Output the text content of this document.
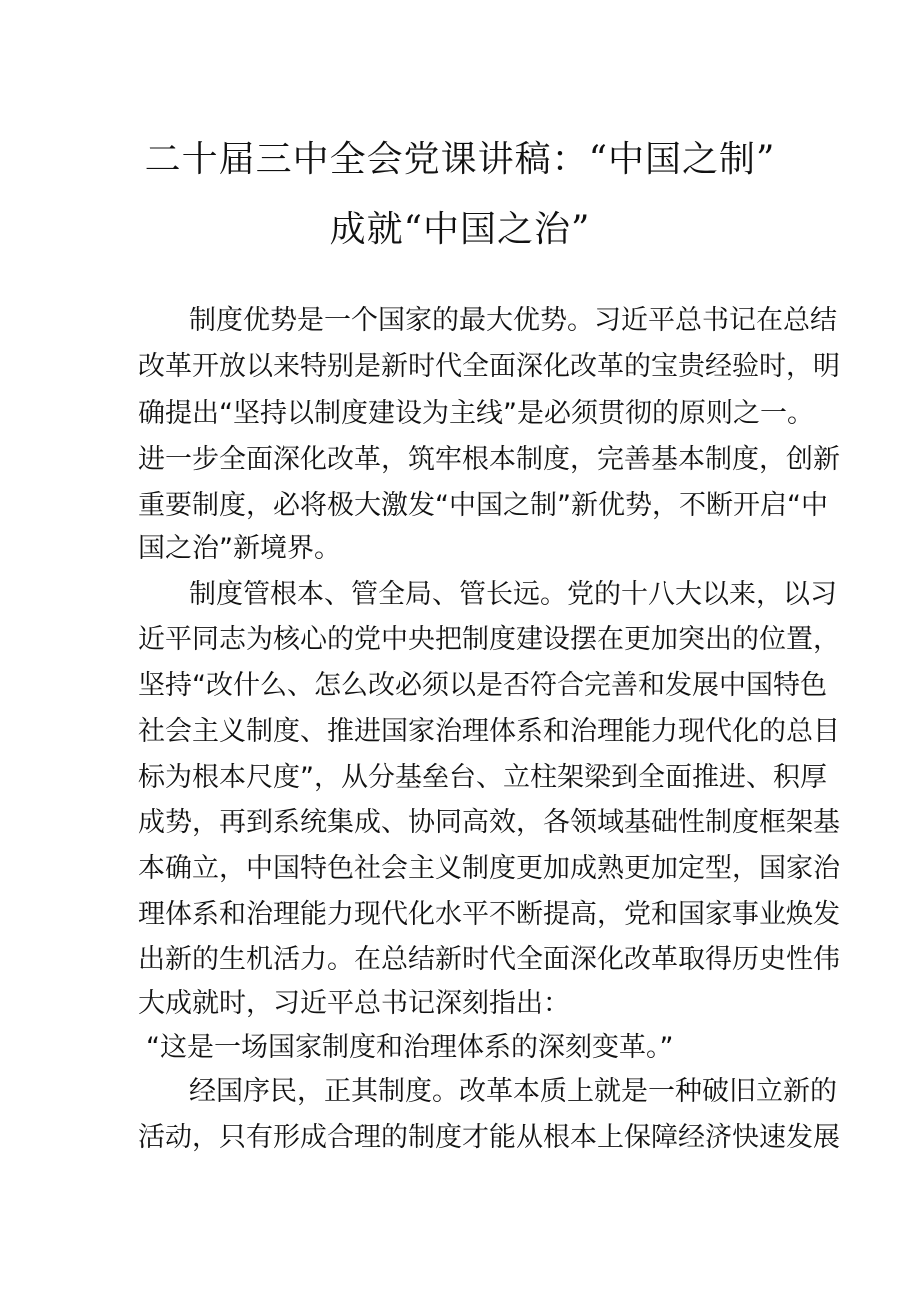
二十届三中全会党课讲稿：“中国之制”
成就“中国之治”
制度优势是一个国家的最大优势。习近平总书记在总结
改革开放以来特别是新时代全面深化改革的宝贵经验时，明
确提出“坚持以制度建设为主线”是必须贯彻的原则之一。
进一步全面深化改革，筑牢根本制度，完善基本制度，创新
重要制度，必将极大激发“中国之制”新优势，不断开启“中
国之治”新境界。
制度管根本、管全局、管长远。党的十八大以来，以习
近平同志为核心的党中央把制度建设摆在更加突出的位置，
坚持“改什么、怎么改必须以是否符合完善和发展中国特色
社会主义制度、推进国家治理体系和治理能力现代化的总目
标为根本尺度”，从分基垒台、立柱架梁到全面推进、积厚
成势，再到系统集成、协同高效，各领域基础性制度框架基
本确立，中国特色社会主义制度更加成熟更加定型，国家治
理体系和治理能力现代化水平不断提高，党和国家事业焕发
出新的生机活力。在总结新时代全面深化改革取得历史性伟
大成就时，习近平总书记深刻指出：
“这是一场国家制度和治理体系的深刻变革。”
经国序民，正其制度。改革本质上就是一种破旧立新的
活动，只有形成合理的制度才能从根本上保障经济快速发展
